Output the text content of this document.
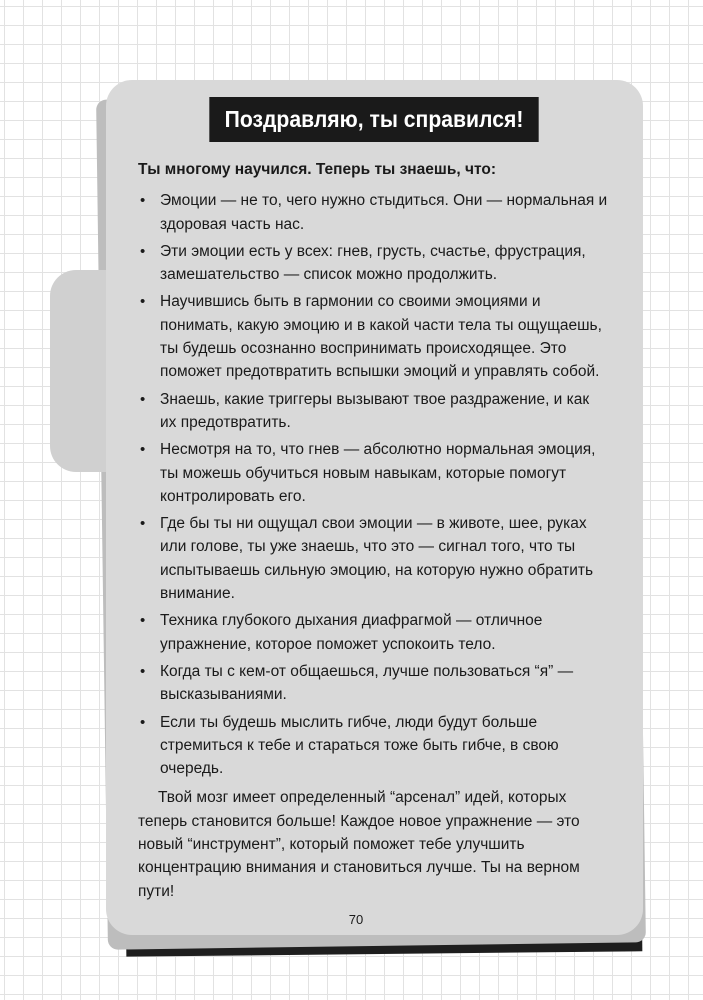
Поздравляю, ты справился!

Ты многому научился. Теперь ты знаешь, что:

• Эмоции — не то, чего нужно стыдиться. Они — нормальная и здоровая часть нас.
• Эти эмоции есть у всех: гнев, грусть, счастье, фрустрация, замешательство — список можно продолжить.
• Научившись быть в гармонии со своими эмоциями и понимать, какую эмоцию и в какой части тела ты ощущаешь, ты будешь осознанно воспринимать происходящее. Это поможет предотвратить вспышки эмоций и управлять собой.
• Знаешь, какие триггеры вызывают твое раздражение, и как их предотвратить.
• Несмотря на то, что гнев — абсолютно нормальная эмоция, ты можешь обучиться новым навыкам, которые помогут контролировать его.
• Где бы ты ни ощущал свои эмоции — в животе, шее, руках или голове, ты уже знаешь, что это — сигнал того, что ты испытываешь сильную эмоцию, на которую нужно обратить внимание.
• Техника глубокого дыхания диафрагмой — отличное упражнение, которое поможет успокоить тело.
• Когда ты с кем-от общаешься, лучше пользоваться “я” — высказываниями.
• Если ты будешь мыслить гибче, люди будут больше стремиться к тебе и стараться тоже быть гибче, в свою очередь.

Твой мозг имеет определенный “арсенал” идей, которых теперь становится больше! Каждое новое упражнение — это новый “инструмент”, который поможет тебе улучшить концентрацию внимания и становиться лучше. Ты на верном пути!

70
